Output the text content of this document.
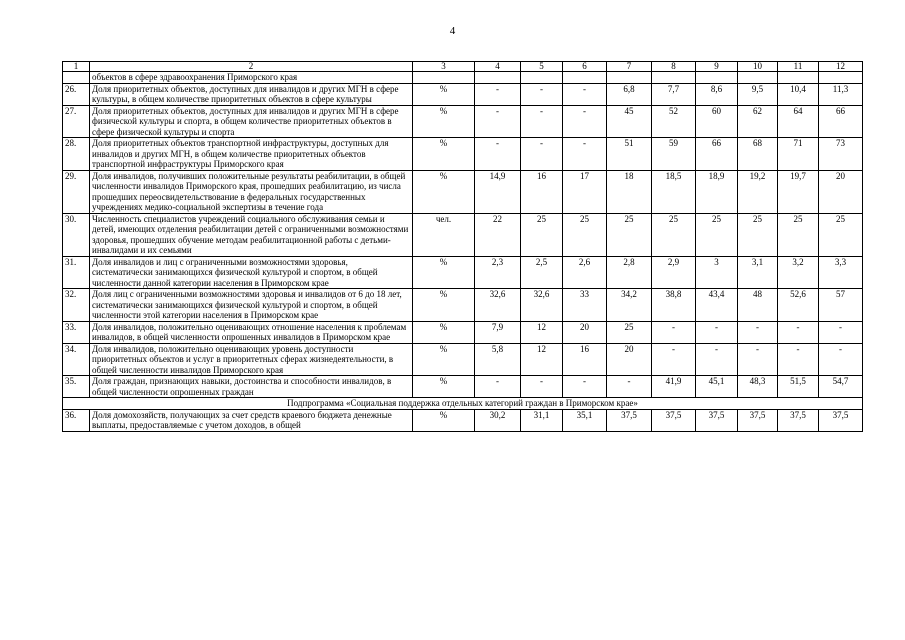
4
1	2	3	4	5	6	7	8	9	10	11	12
	объектов в сфере здравоохранения Приморского края										
26.	Доля приоритетных объектов, доступных для инвалидов и других МГН в сфере культуры, в общем количестве приоритетных объектов в сфере культуры	%	-	-	-	6,8	7,7	8,6	9,5	10,4	11,3
27.	Доля приоритетных объектов, доступных для инвалидов и других МГН в сфере физической культуры и спорта, в общем количестве приоритетных объектов в сфере физической культуры и спорта	%	-	-	-	45	52	60	62	64	66
28.	Доля приоритетных объектов транспортной инфраструктуры, доступных для инвалидов и других МГН, в общем количестве приоритетных объектов транспортной инфраструктуры Приморского края	%	-	-	-	51	59	66	68	71	73
29.	Доля инвалидов, получивших положительные результаты реабилитации, в общей численности инвалидов Приморского края, прошедших реабилитацию, из числа прошедших переосвидетельствование в федеральных государственных учреждениях медико-социальной экспертизы в течение года	%	14,9	16	17	18	18,5	18,9	19,2	19,7	20
30.	Численность специалистов учреждений социального обслуживания семьи и детей, имеющих отделения реабилитации детей с ограниченными возможностями здоровья, прошедших обучение методам реабилитационной работы с детьми-инвалидами и их семьями	чел.	22	25	25	25	25	25	25	25	25
31.	Доля инвалидов и лиц с ограниченными возможностями здоровья, систематически занимающихся физической культурой и спортом, в общей численности данной категории населения в Приморском крае	%	2,3	2,5	2,6	2,8	2,9	3	3,1	3,2	3,3
32.	Доля лиц с ограниченными возможностями здоровья и инвалидов от 6 до 18 лет, систематически занимающихся физической культурой и спортом, в общей численности этой категории населения в Приморском крае	%	32,6	32,6	33	34,2	38,8	43,4	48	52,6	57
33.	Доля инвалидов, положительно оценивающих отношение населения к проблемам инвалидов, в общей численности опрошенных инвалидов в Приморском крае	%	7,9	12	20	25	-	-	-	-	-
34.	Доля инвалидов, положительно оценивающих уровень доступности приоритетных объектов и услуг в приоритетных сферах жизнедеятельности, в общей численности инвалидов Приморского края	%	5,8	12	16	20	-	-	-	-	-
35.	Доля граждан, признающих навыки, достоинства и способности инвалидов, в общей численности опрошенных граждан	%	-	-	-	-	41,9	45,1	48,3	51,5	54,7
Подпрограмма «Социальная поддержка отдельных категорий граждан в Приморском крае»											
36.	Доля домохозяйств, получающих за счет средств краевого бюджета денежные выплаты, предоставляемые с учетом доходов, в общей	%	30,2	31,1	35,1	37,5	37,5	37,5	37,5	37,5	37,5
